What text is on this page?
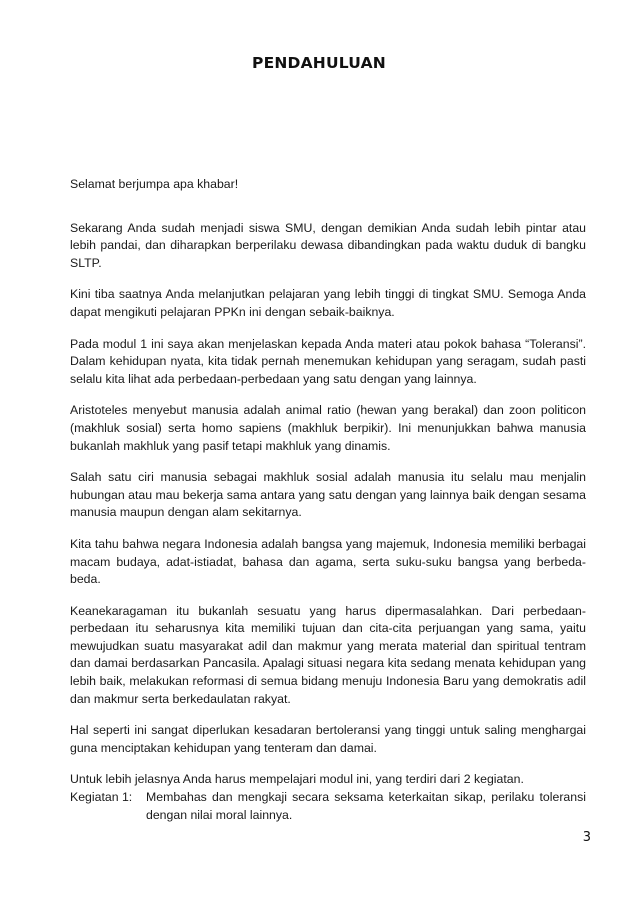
PENDAHULUAN

Selamat berjumpa apa khabar!

Sekarang Anda sudah menjadi siswa SMU, dengan demikian Anda sudah lebih pintar atau lebih pandai, dan diharapkan berperilaku dewasa dibandingkan pada waktu duduk di bangku SLTP.

Kini tiba saatnya Anda melanjutkan pelajaran yang lebih tinggi di tingkat SMU. Semoga Anda dapat mengikuti pelajaran PPKn ini dengan sebaik-baiknya.

Pada modul 1 ini saya akan menjelaskan kepada Anda materi atau pokok bahasa “Toleransi”. Dalam kehidupan nyata, kita tidak pernah menemukan kehidupan yang seragam, sudah pasti selalu kita lihat ada perbedaan-perbedaan yang satu dengan yang lainnya.

Aristoteles menyebut manusia adalah animal ratio (hewan yang berakal) dan zoon politicon (makhluk sosial) serta homo sapiens (makhluk berpikir). Ini menunjukkan bahwa manusia bukanlah makhluk yang pasif tetapi makhluk yang dinamis.

Salah satu ciri manusia sebagai makhluk sosial adalah manusia itu selalu mau menjalin hubungan atau mau bekerja sama antara yang satu dengan yang lainnya baik dengan sesama manusia maupun dengan alam sekitarnya.

Kita tahu bahwa negara Indonesia adalah bangsa yang majemuk, Indonesia memiliki berbagai macam budaya, adat-istiadat, bahasa dan agama, serta suku-suku bangsa yang berbeda-beda.

Keanekaragaman itu bukanlah sesuatu yang harus dipermasalahkan. Dari perbedaan-perbedaan itu seharusnya kita memiliki tujuan dan cita-cita perjuangan yang sama, yaitu mewujudkan suatu masyarakat adil dan makmur yang merata material dan spiritual tentram dan damai berdasarkan Pancasila. Apalagi situasi negara kita sedang menata kehidupan yang lebih baik, melakukan reformasi di semua bidang menuju Indonesia Baru yang demokratis adil dan makmur serta berkedaulatan rakyat.

Hal seperti ini sangat diperlukan kesadaran bertoleransi yang tinggi untuk saling menghargai guna menciptakan kehidupan yang tenteram dan damai.

Untuk lebih jelasnya Anda harus mempelajari modul ini, yang terdiri dari 2 kegiatan.

Kegiatan 1:	Membahas dan mengkaji secara seksama keterkaitan sikap, perilaku toleransi dengan nilai moral lainnya.
3
